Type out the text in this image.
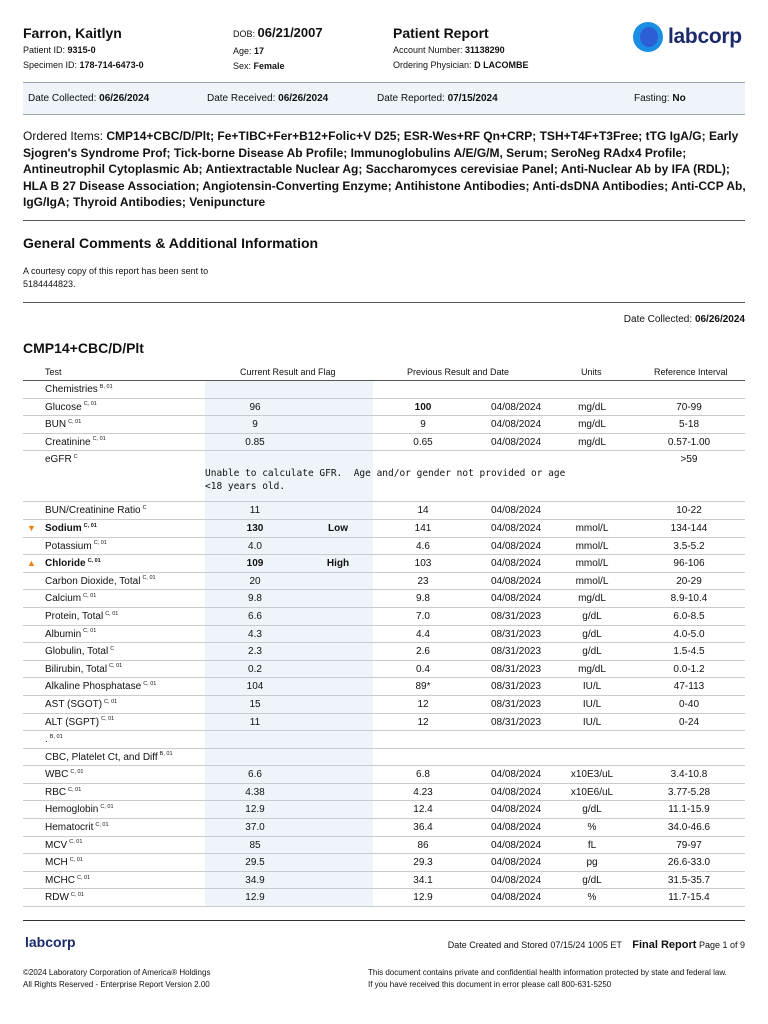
Farron, Kaitlyn
Patient ID: 9315-0
Specimen ID: 178-714-6473-0
DOB: 06/21/2007
Age: 17
Sex: Female
Patient Report
Account Number: 31138290
Ordering Physician: D LACOMBE
labcorp
Date Collected: 06/26/2024	Date Received: 06/26/2024	Date Reported: 07/15/2024	Fasting: No
Ordered Items: CMP14+CBC/D/Plt; Fe+TIBC+Fer+B12+Folic+V D25; ESR-Wes+RF Qn+CRP; TSH+T4F+T3Free; tTG IgA/G; Early Sjogren's Syndrome Prof; Tick-borne Disease Ab Profile; Immunoglobulins A/E/G/M, Serum; SeroNeg RAdx4 Profile; Antineutrophil Cytoplasmic Ab; Antiextractable Nuclear Ag; Saccharomyces cerevisiae Panel; Anti-Nuclear Ab by IFA (RDL); HLA B 27 Disease Association; Angiotensin-Converting Enzyme; Antihistone Antibodies; Anti-dsDNA Antibodies; Anti-CCP Ab, IgG/IgA; Thyroid Antibodies; Venipuncture
General Comments & Additional Information
A courtesy copy of this report has been sent to 5184444823.
Date Collected: 06/26/2024
CMP14+CBC/D/Plt
Test	Current Result and Flag	Previous Result and Date	Units	Reference Interval
Chemistries $^{B, 01}$
Glucose $^{C, 01}$	96	100	04/08/2024	mg/dL	70-99
BUN $^{C, 01}$	9	9	04/08/2024	mg/dL	5-18
Creatinine $^{C, 01}$	0.85	0.65	04/08/2024	mg/dL	0.57-1.00
eGFR $^C$	>59
Unable to calculate GFR.  Age and/or gender not provided or age
<18 years old.
BUN/Creatinine Ratio $^C$	11	14	04/08/2024	10-22
▼ Sodium $^{C, 01}$	130	Low	141	04/08/2024	mmol/L	134-144
Potassium $^{C, 01}$	4.0	4.6	04/08/2024	mmol/L	3.5-5.2
▲ Chloride $^{C, 01}$	109	High	103	04/08/2024	mmol/L	96-106
Carbon Dioxide, Total $^{C, 01}$	20	23	04/08/2024	mmol/L	20-29
Calcium $^{C, 01}$	9.8	9.8	04/08/2024	mg/dL	8.9-10.4
Protein, Total $^{C, 01}$	6.6	7.0	08/31/2023	g/dL	6.0-8.5
Albumin $^{C, 01}$	4.3	4.4	08/31/2023	g/dL	4.0-5.0
Globulin, Total $^C$	2.3	2.6	08/31/2023	g/dL	1.5-4.5
Bilirubin, Total $^{C, 01}$	0.2	0.4	08/31/2023	mg/dL	0.0-1.2
Alkaline Phosphatase $^{C, 01}$	104	89*	08/31/2023	IU/L	47-113
AST (SGOT) $^{C, 01}$	15	12	08/31/2023	IU/L	0-40
ALT (SGPT) $^{C, 01}$	11	12	08/31/2023	IU/L	0-24
. $^{B, 01}$
CBC, Platelet Ct, and Diff $^{B, 01}$
WBC $^{C, 01}$	6.6	6.8	04/08/2024	x10E3/uL	3.4-10.8
RBC $^{C, 01}$	4.38	4.23	04/08/2024	x10E6/uL	3.77-5.28
Hemoglobin $^{C, 01}$	12.9	12.4	04/08/2024	g/dL	11.1-15.9
Hematocrit $^{C, 01}$	37.0	36.4	04/08/2024	%	34.0-46.6
MCV $^{C, 01}$	85	86	04/08/2024	fL	79-97
MCH $^{C, 01}$	29.5	29.3	04/08/2024	pg	26.6-33.0
MCHC $^{C, 01}$	34.9	34.1	04/08/2024	g/dL	31.5-35.7
RDW $^{C, 01}$	12.9	12.9	04/08/2024	%	11.7-15.4
labcorp	Date Created and Stored 07/15/24 1005 ET Final Report Page 1 of 9
©2024 Laboratory Corporation of America® Holdings
All Rights Reserved - Enterprise Report Version 2.00
This document contains private and confidential health information protected by state and federal law.
If you have received this document in error please call 800-631-5250
